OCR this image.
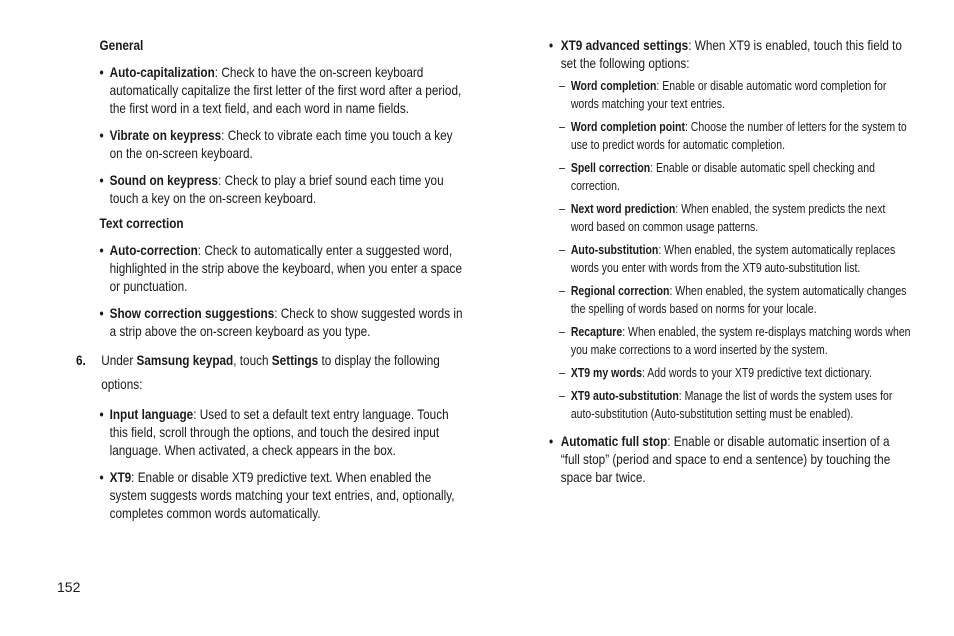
General
• Auto-capitalization: Check to have the on-screen keyboard automatically capitalize the first letter of the first word after a period, the first word in a text field, and each word in name fields.
• Vibrate on keypress: Check to vibrate each time you touch a key on the on-screen keyboard.
• Sound on keypress: Check to play a brief sound each time you touch a key on the on-screen keyboard.
Text correction
• Auto-correction: Check to automatically enter a suggested word, highlighted in the strip above the keyboard, when you enter a space or punctuation.
• Show correction suggestions: Check to show suggested words in a strip above the on-screen keyboard as you type.
6. Under Samsung keypad, touch Settings to display the following options:
• Input language: Used to set a default text entry language. Touch this field, scroll through the options, and touch the desired input language. When activated, a check appears in the box.
• XT9: Enable or disable XT9 predictive text. When enabled the system suggests words matching your text entries, and, optionally, completes common words automatically.
• XT9 advanced settings: When XT9 is enabled, touch this field to set the following options:
– Word completion: Enable or disable automatic word completion for words matching your text entries.
– Word completion point: Choose the number of letters for the system to use to predict words for automatic completion.
– Spell correction: Enable or disable automatic spell checking and correction.
– Next word prediction: When enabled, the system predicts the next word based on common usage patterns.
– Auto-substitution: When enabled, the system automatically replaces words you enter with words from the XT9 auto-substitution list.
– Regional correction: When enabled, the system automatically changes the spelling of words based on norms for your locale.
– Recapture: When enabled, the system re-displays matching words when you make corrections to a word inserted by the system.
– XT9 my words: Add words to your XT9 predictive text dictionary.
– XT9 auto-substitution: Manage the list of words the system uses for auto-substitution (Auto-substitution setting must be enabled).
• Automatic full stop: Enable or disable automatic insertion of a “full stop” (period and space to end a sentence) by touching the space bar twice.
152
